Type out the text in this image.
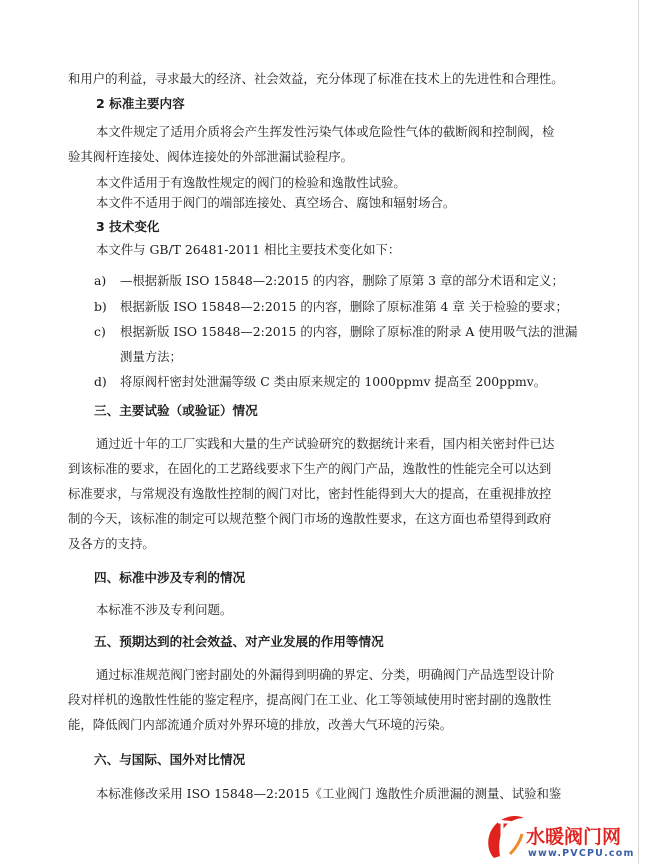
和用户的利益，寻求最大的经济、社会效益，充分体现了标准在技术上的先进性和合理性。
2 标准主要内容
本文件规定了适用介质将会产生挥发性污染气体或危险性气体的截断阀和控制阀，检
验其阀杆连接处、阀体连接处的外部泄漏试验程序。
本文件适用于有逸散性规定的阀门的检验和逸散性试验。
本文件不适用于阀门的端部连接处、真空场合、腐蚀和辐射场合。
3 技术变化
本文件与 GB/T 26481-2011 相比主要技术变化如下：
a) —根据新版 ISO 15848—2:2015 的内容，删除了原第 3 章的部分术语和定义；
b) 根据新版 ISO 15848—2:2015 的内容，删除了原标准第 4 章 关于检验的要求；
c) 根据新版 ISO 15848—2:2015 的内容，删除了原标准的附录 A 使用吸气法的泄漏
测量方法；
d) 将原阀杆密封处泄漏等级 C 类由原来规定的 1000ppmv 提高至 200ppmv。
三、主要试验（或验证）情况
通过近十年的工厂实践和大量的生产试验研究的数据统计来看，国内相关密封件已达
到该标准的要求，在固化的工艺路线要求下生产的阀门产品，逸散性的性能完全可以达到
标准要求，与常规没有逸散性控制的阀门对比，密封性能得到大大的提高，在重视排放控
制的今天，该标准的制定可以规范整个阀门市场的逸散性要求，在这方面也希望得到政府
及各方的支持。
四、标准中涉及专利的情况
本标准不涉及专利问题。
五、预期达到的社会效益、对产业发展的作用等情况
通过标准规范阀门密封副处的外漏得到明确的界定、分类，明确阀门产品选型设计阶
段对样机的逸散性性能的鉴定程序，提高阀门在工业、化工等领域使用时密封副的逸散性
能，降低阀门内部流通介质对外界环境的排放，改善大气环境的污染。
六、与国际、国外对比情况
本标准修改采用 ISO 15848—2:2015《工业阀门 逸散性介质泄漏的测量、试验和鉴
水暖阀门网
www.PVCPU.com
